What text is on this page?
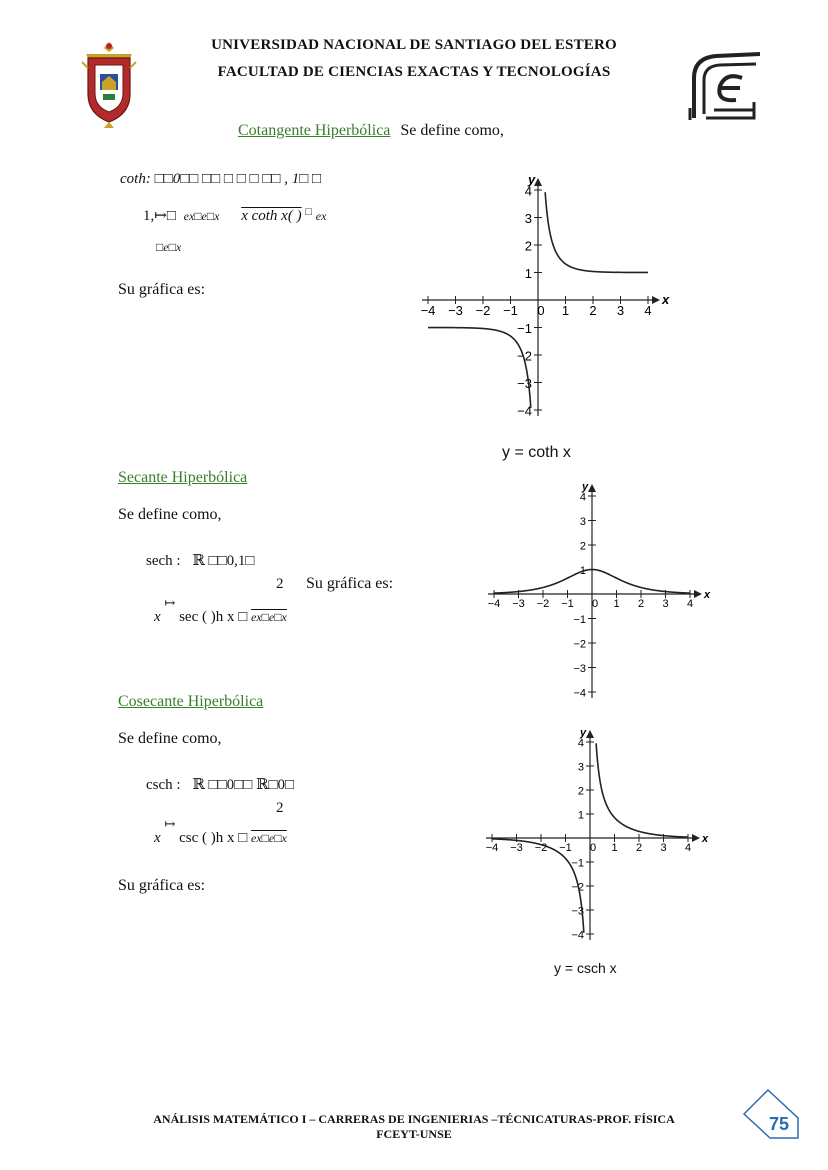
UNIVERSIDAD NACIONAL DE SANTIAGO DEL ESTERO
FACULTAD DE CIENCIAS EXACTAS Y TECNOLOGÍAS
Cotangente Hiperbólica Se define como,
coth: □□0□□ □□ □ □ □ □□ , 1□ □
1,↦□ ex□e□x x coth x( ) □ ex
□e□x
Su gráfica es:
x
y
−4 −3 −2 −1 0 1 2 3 4
−4
−3
−2
−1
1
2
3
4
y = coth x
Secante Hiperbólica
Se define como,
sech : ℝ □□0,1□
2 Su gráfica es:
x ↦ sec ( )h x □ ex□e□x
x
y
−4 −3 −2 −1 0 1 2 3 4
−4
−3
−2
−1
1
2
3
4
Cosecante Hiperbólica
Se define como,
csch : ℝ □□0□□ ℝ□0□
2
x ↦ csc ( )h x □ ex□e□x
Su gráfica es:
x
y
−4 −3 −2 −1 0 1 2 3 4
−4
−3
−2
−1
1
2
3
4
y = csch x
ANÁLISIS MATEMÁTICO I – CARRERAS DE INGENIERIAS –TÉCNICATURAS-PROF. FÍSICA
FCEYT-UNSE	75
